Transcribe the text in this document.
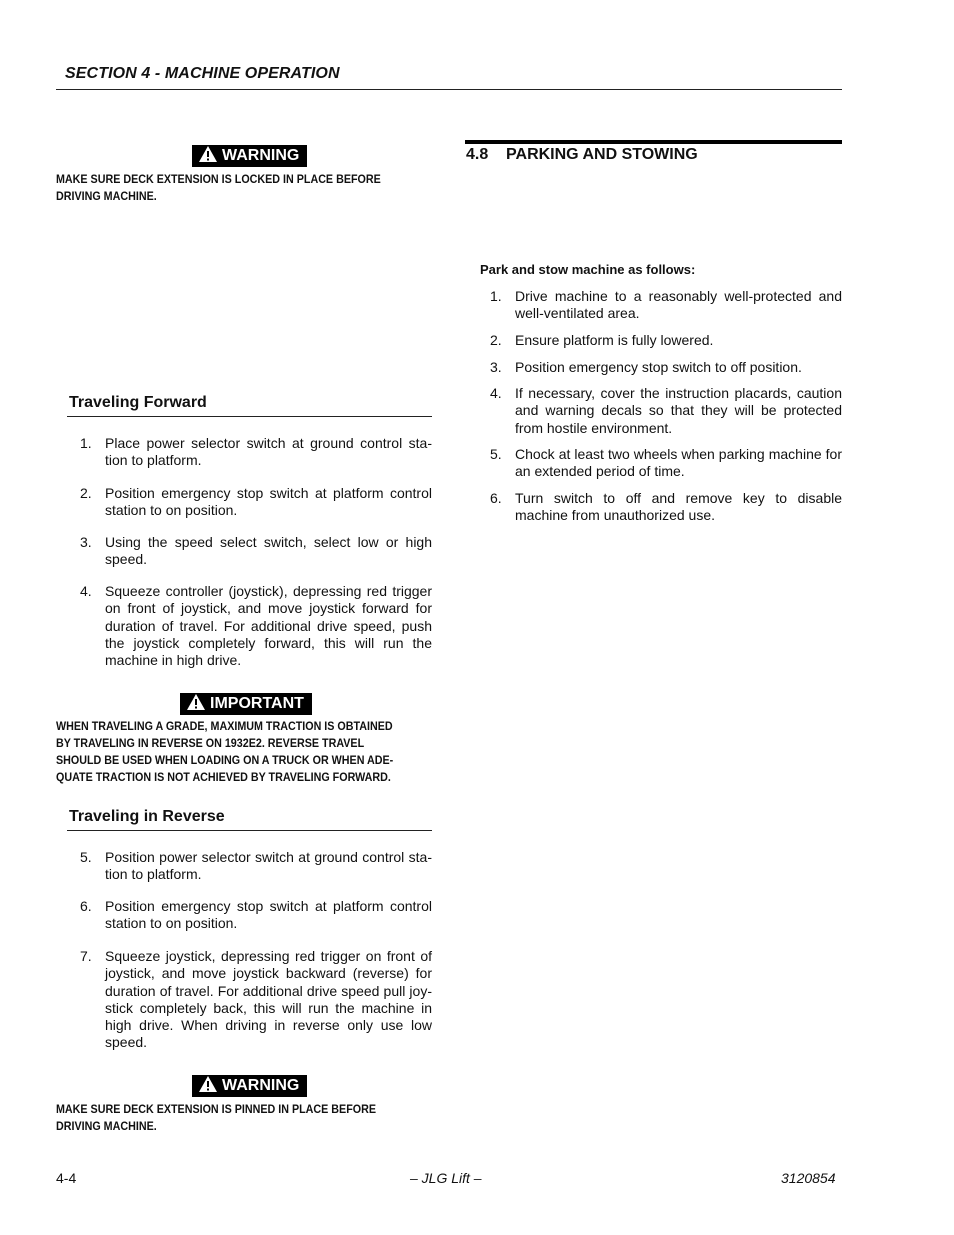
SECTION 4 - MACHINE OPERATION
WARNING
MAKE SURE DECK EXTENSION IS LOCKED IN PLACE BEFORE
DRIVING MACHINE.
Traveling Forward
1. Place power selector switch at ground control sta-tion to platform.
2. Position emergency stop switch at platform control station to on position.
3. Using the speed select switch, select low or high speed.
4. Squeeze controller (joystick), depressing red trigger on front of joystick, and move joystick forward for duration of travel. For additional drive speed, push the joystick completely forward, this will run the machine in high drive.
IMPORTANT
WHEN TRAVELING A GRADE, MAXIMUM TRACTION IS OBTAINED
BY TRAVELING IN REVERSE ON 1932E2. REVERSE TRAVEL
SHOULD BE USED WHEN LOADING ON A TRUCK OR WHEN ADE-
QUATE TRACTION IS NOT ACHIEVED BY TRAVELING FORWARD.
Traveling in Reverse
5. Position power selector switch at ground control sta-tion to platform.
6. Position emergency stop switch at platform control station to on position.
7. Squeeze joystick, depressing red trigger on front of joystick, and move joystick backward (reverse) for duration of travel. For additional drive speed pull joy-stick completely back, this will run the machine in high drive. When driving in reverse only use low speed.
WARNING
MAKE SURE DECK EXTENSION IS PINNED IN PLACE BEFORE
DRIVING MACHINE.
4.8    PARKING AND STOWING
Park and stow machine as follows:
1. Drive machine to a reasonably well-protected and well-ventilated area.
2. Ensure platform is fully lowered.
3. Position emergency stop switch to off position.
4. If necessary, cover the instruction placards, caution and warning decals so that they will be protected from hostile environment.
5. Chock at least two wheels when parking machine for an extended period of time.
6. Turn switch to off and remove key to disable machine from unauthorized use.
4-4	– JLG Lift –	3120854
